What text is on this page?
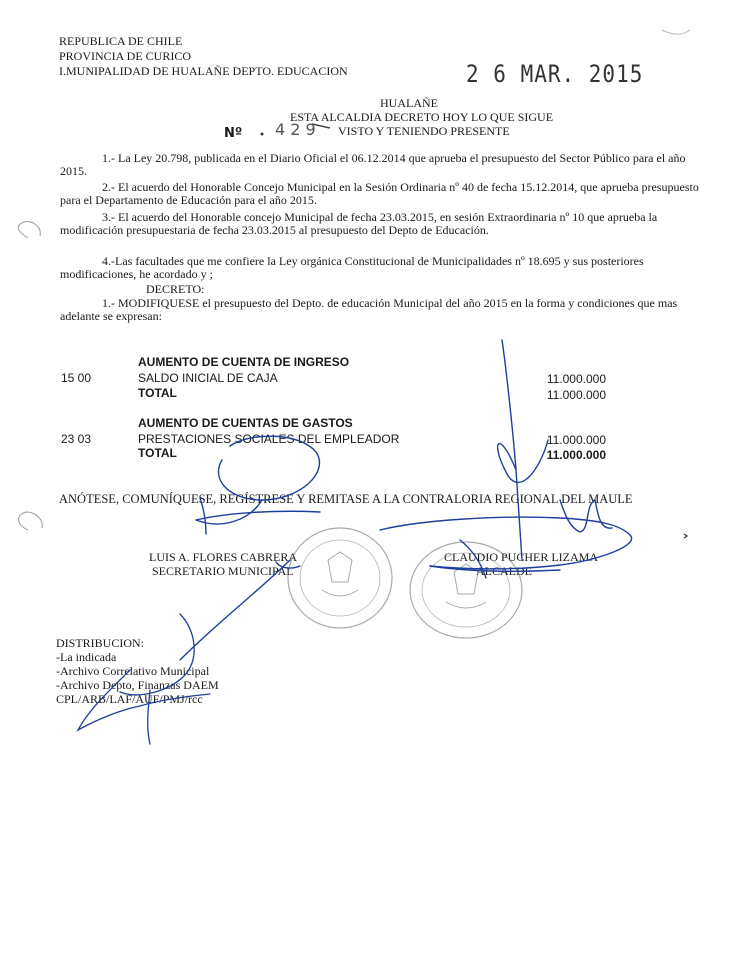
REPUBLICA DE CHILE
PROVINCIA DE CURICO
I.MUNIPALIDAD DE HUALAÑE DEPTO. EDUCACION	2 6 MAR. 2015
HUALAÑE
ESTA ALCALDIA DECRETO HOY LO QUE SIGUE
Nº 4 2 9 VISTO Y TENIENDO PRESENTE
1.- La Ley 20.798, publicada en el Diario Oficial el 06.12.2014 que aprueba el presupuesto del Sector Público para el año 2015.
2.- El acuerdo del Honorable Concejo Municipal en la Sesión Ordinaria nº 40 de fecha 15.12.2014, que aprueba presupuesto para el Departamento de Educación para el año 2015.
3.- El acuerdo del Honorable concejo Municipal de fecha 23.03.2015, en sesión Extraordinaria nº 10 que aprueba la modificación presupuestaria de fecha 23.03.2015 al presupuesto del Depto de Educación.
4.-Las facultades que me confiere la Ley orgánica Constitucional de Municipalidades nº 18.695 y sus posteriores modificaciones, he acordado y ;
DECRETO:
1.- MODIFIQUESE el presupuesto del Depto. de educación Municipal del año 2015 en la forma y condiciones que mas adelante se expresan:
AUMENTO DE CUENTA DE INGRESO
15 00	SALDO INICIAL DE CAJA	11.000.000
TOTAL	11.000.000
AUMENTO DE CUENTAS DE GASTOS
23 03	PRESTACIONES SOCIALES DEL EMPLEADOR	11.000.000
TOTAL	11.000.000
ANÓTESE, COMUNÍQUESE, REGÍSTRESE Y REMITASE A LA CONTRALORIA REGIONAL DEL MAULE
LUIS A. FLORES CABRERA
SECRETARIO MUNICIPAL
CLAUDIO PUCHER LIZAMA
ALCALDE
DISTRIBUCION:
-La indicada
-Archivo Correlativo Municipal
-Archivo Depto, Finanzas DAEM
CPL/ARB/LAF/AUF/PMJ/rcc
